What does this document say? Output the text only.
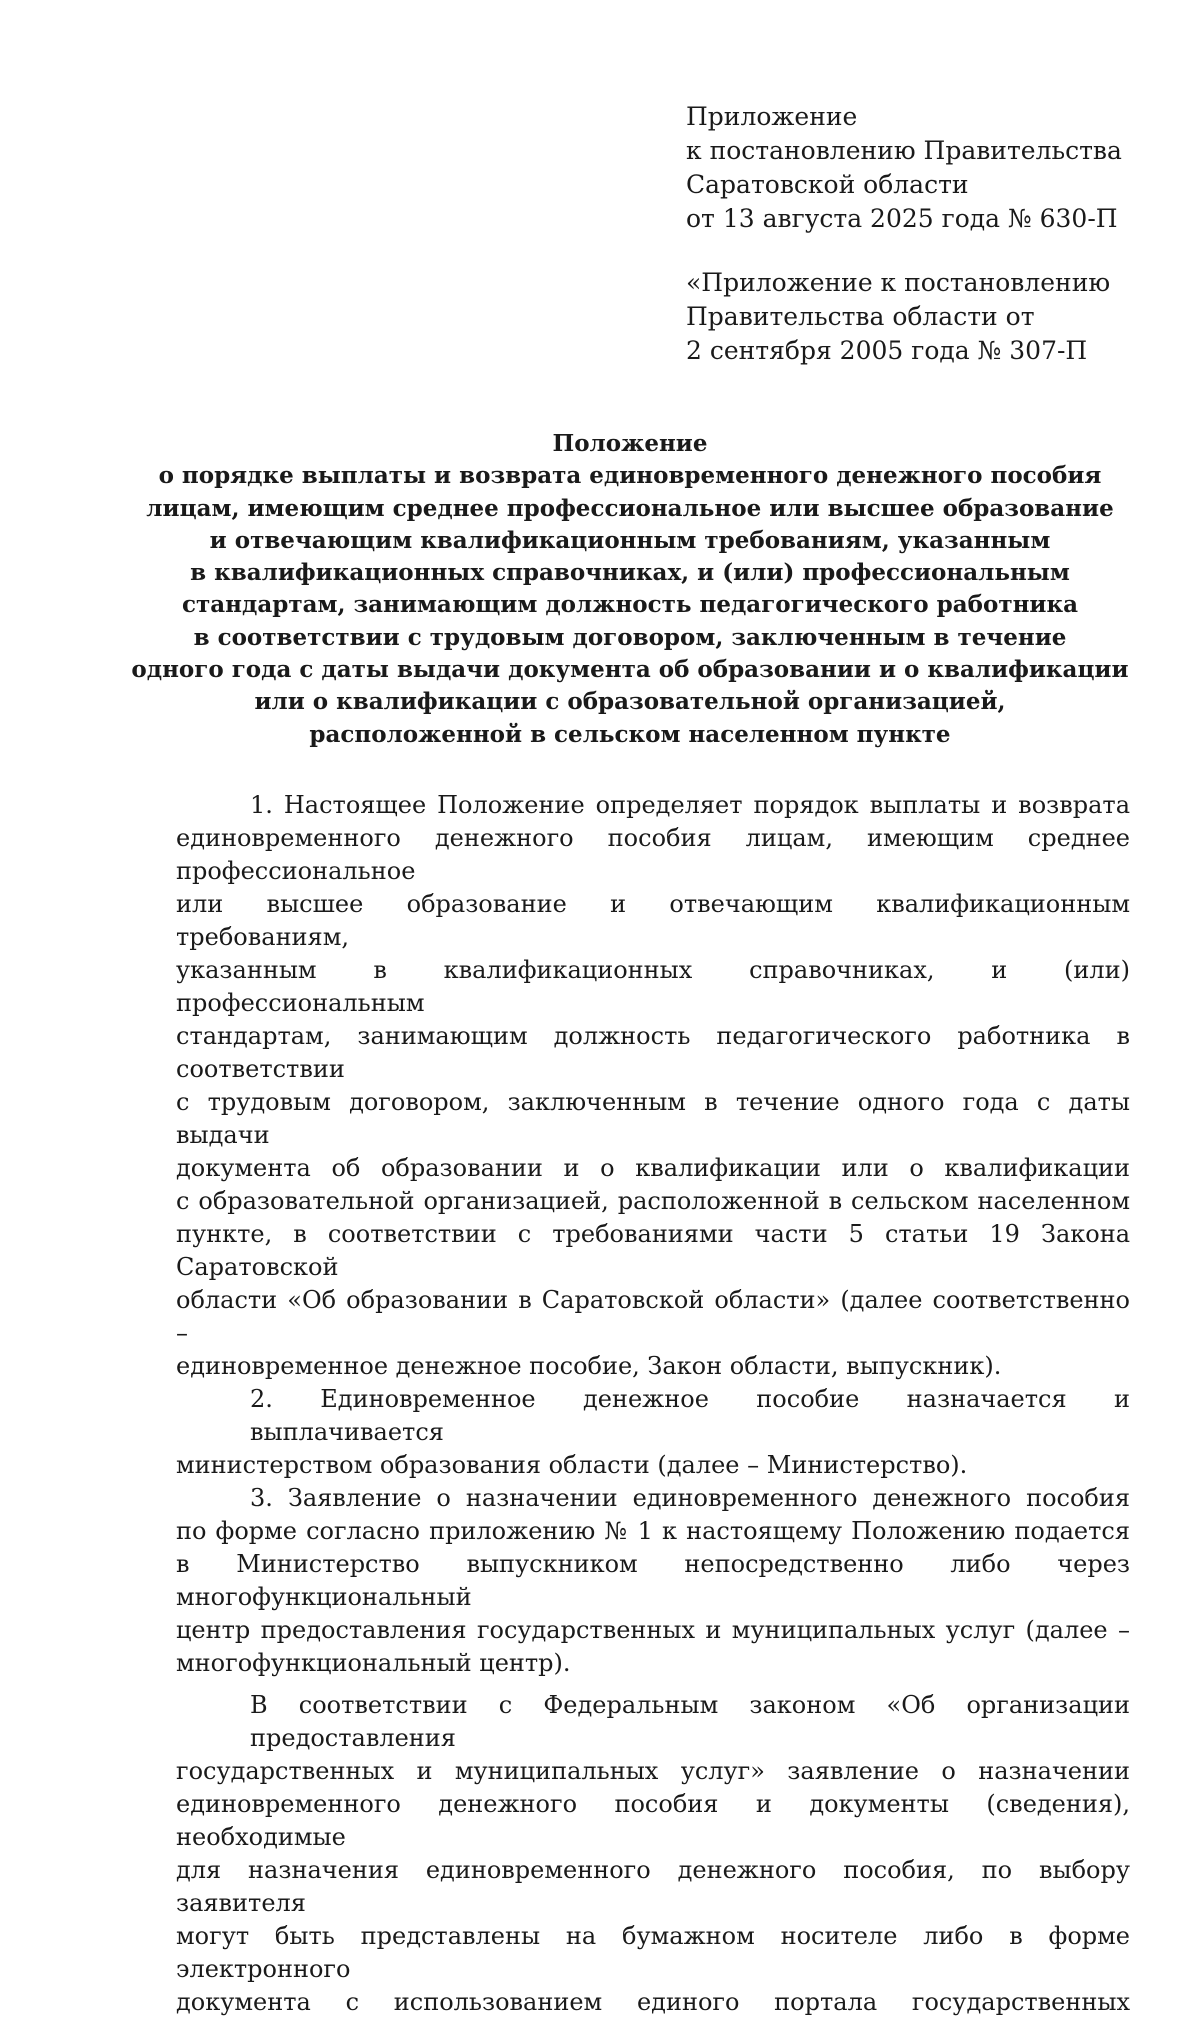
Приложение
к постановлению Правительства
Саратовской области
от 13 августа 2025 года № 630-П
«Приложение к постановлению
Правительства области от
2 сентября 2005 года № 307-П
Положение
о порядке выплаты и возврата единовременного денежного пособия
лицам, имеющим среднее профессиональное или высшее образование
и отвечающим квалификационным требованиям, указанным
в квалификационных справочниках, и (или) профессиональным
стандартам, занимающим должность педагогического работника
в соответствии с трудовым договором, заключенным в течение
одного года с даты выдачи документа об образовании и о квалификации
или о квалификации с образовательной организацией,
расположенной в сельском населенном пункте
1. Настоящее Положение определяет порядок выплаты и возврата
единовременного денежного пособия лицам, имеющим среднее профессиональное
или высшее образование и отвечающим квалификационным требованиям,
указанным в квалификационных справочниках, и (или) профессиональным
стандартам, занимающим должность педагогического работника в соответствии
с трудовым договором, заключенным в течение одного года с даты выдачи
документа об образовании и о квалификации или о квалификации
с образовательной организацией, расположенной в сельском населенном
пункте, в соответствии с требованиями части 5 статьи 19 Закона Саратовской
области «Об образовании в Саратовской области» (далее соответственно –
единовременное денежное пособие, Закон области, выпускник).
2. Единовременное денежное пособие назначается и выплачивается
министерством образования области (далее – Министерство).
3. Заявление о назначении единовременного денежного пособия
по форме согласно приложению № 1 к настоящему Положению подается
в Министерство выпускником непосредственно либо через многофункциональный
центр предоставления государственных и муниципальных услуг (далее –
многофункциональный центр).
В соответствии с Федеральным законом «Об организации предоставления
государственных и муниципальных услуг» заявление о назначении
единовременного денежного пособия и документы (сведения), необходимые
для назначения единовременного денежного пособия, по выбору заявителя
могут быть представлены на бумажном носителе либо в форме электронного
документа с использованием единого портала государственных
